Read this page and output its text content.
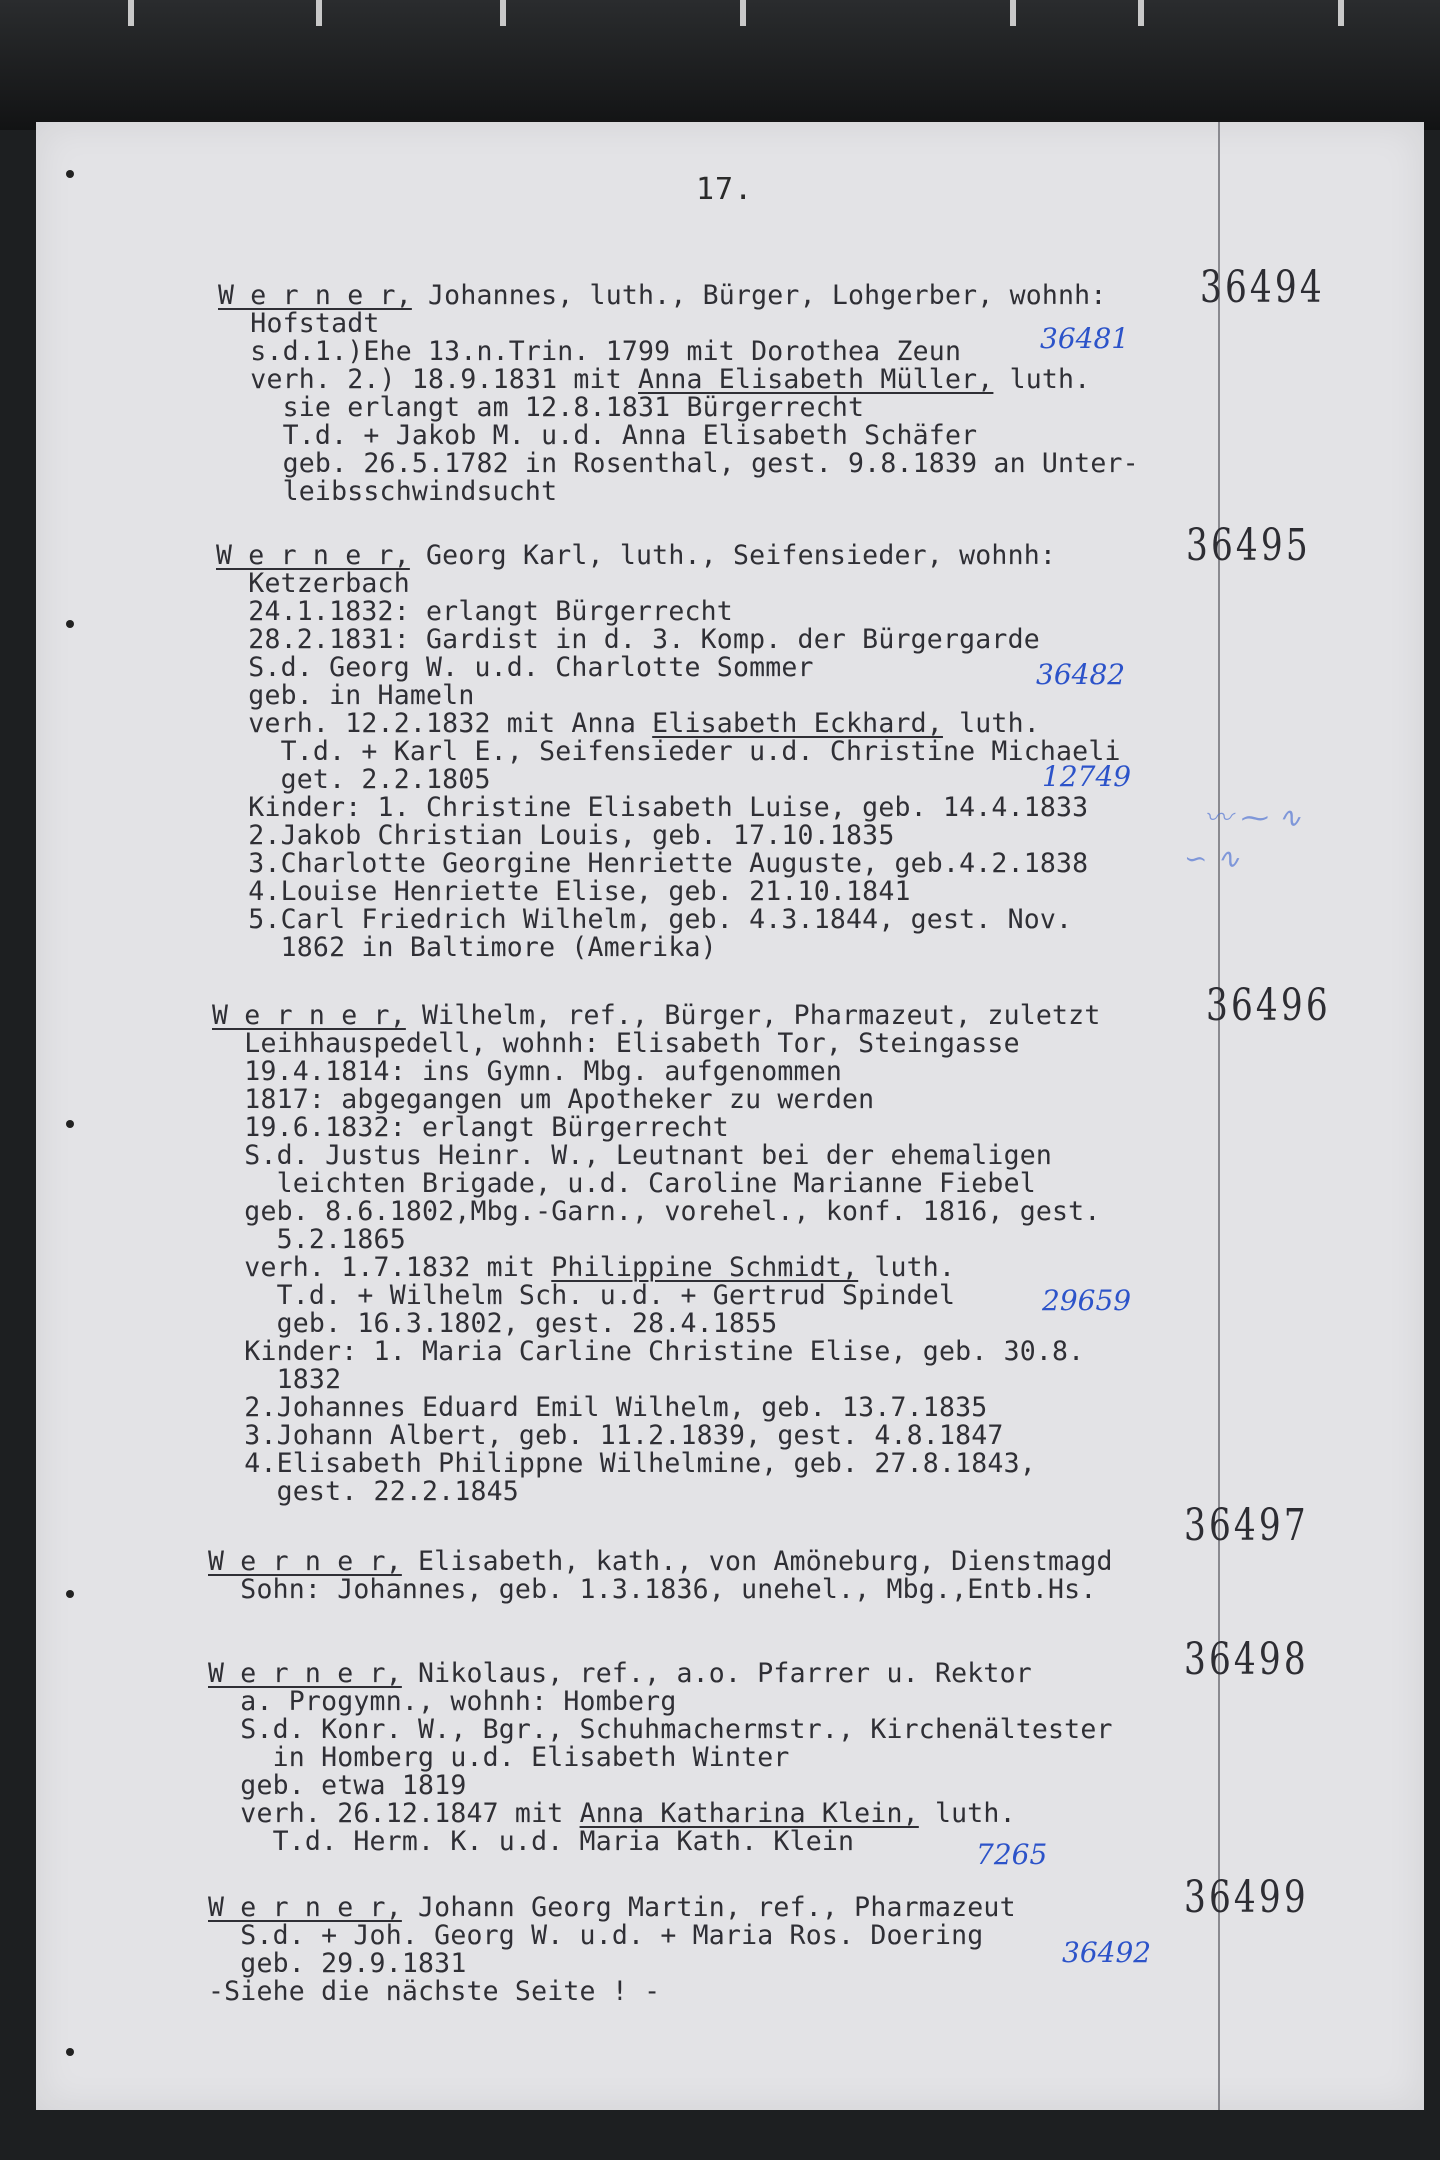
17.
W e r n e r, Johannes, luth., Bürger, Lohgerber, wohnh:
Hofstadt
s.d.1.)Ehe 13.n.Trin. 1799 mit Dorothea Zeun
verh. 2.) 18.9.1831 mit Anna Elisabeth Müller, luth.
sie erlangt am 12.8.1831 Bürgerrecht
T.d. + Jakob M. u.d. Anna Elisabeth Schäfer
geb. 26.5.1782 in Rosenthal, gest. 9.8.1839 an Unter-
leibsschwindsucht
36494
36481
W e r n e r, Georg Karl, luth., Seifensieder, wohnh:
Ketzerbach
24.1.1832: erlangt Bürgerrecht
28.2.1831: Gardist in d. 3. Komp. der Bürgergarde
S.d. Georg W. u.d. Charlotte Sommer
geb. in Hameln
verh. 12.2.1832 mit Anna Elisabeth Eckhard, luth.
T.d. + Karl E., Seifensieder u.d. Christine Michaeli
get. 2.2.1805
Kinder: 1. Christine Elisabeth Luise, geb. 14.4.1833
2.Jakob Christian Louis, geb. 17.10.1835
3.Charlotte Georgine Henriette Auguste, geb.4.2.1838
4.Louise Henriette Elise, geb. 21.10.1841
5.Carl Friedrich Wilhelm, geb. 4.3.1844, gest. Nov.
1862 in Baltimore (Amerika)
36495
36482
12749
〰︎ ⁓ ∿
∽ ∿
W e r n e r, Wilhelm, ref., Bürger, Pharmazeut, zuletzt
Leihhauspedell, wohnh: Elisabeth Tor, Steingasse
19.4.1814: ins Gymn. Mbg. aufgenommen
1817: abgegangen um Apotheker zu werden
19.6.1832: erlangt Bürgerrecht
S.d. Justus Heinr. W., Leutnant bei der ehemaligen
leichten Brigade, u.d. Caroline Marianne Fiebel
geb. 8.6.1802,Mbg.-Garn., vorehel., konf. 1816, gest.
5.2.1865
verh. 1.7.1832 mit Philippine Schmidt, luth.
T.d. + Wilhelm Sch. u.d. + Gertrud Spindel
geb. 16.3.1802, gest. 28.4.1855
Kinder: 1. Maria Carline Christine Elise, geb. 30.8.
1832
2.Johannes Eduard Emil Wilhelm, geb. 13.7.1835
3.Johann Albert, geb. 11.2.1839, gest. 4.8.1847
4.Elisabeth Philippne Wilhelmine, geb. 27.8.1843,
gest. 22.2.1845
36496
29659
W e r n e r, Elisabeth, kath., von Amöneburg, Dienstmagd
Sohn: Johannes, geb. 1.3.1836, unehel., Mbg.,Entb.Hs.
36497
W e r n e r, Nikolaus, ref., a.o. Pfarrer u. Rektor
a. Progymn., wohnh: Homberg
S.d. Konr. W., Bgr., Schuhmachermstr., Kirchenältester
in Homberg u.d. Elisabeth Winter
geb. etwa 1819
verh. 26.12.1847 mit Anna Katharina Klein, luth.
T.d. Herm. K. u.d. Maria Kath. Klein
36498
7265
W e r n e r, Johann Georg Martin, ref., Pharmazeut
S.d. + Joh. Georg W. u.d. + Maria Ros. Doering
geb. 29.9.1831
-Siehe die nächste Seite ! -
36499
36492
